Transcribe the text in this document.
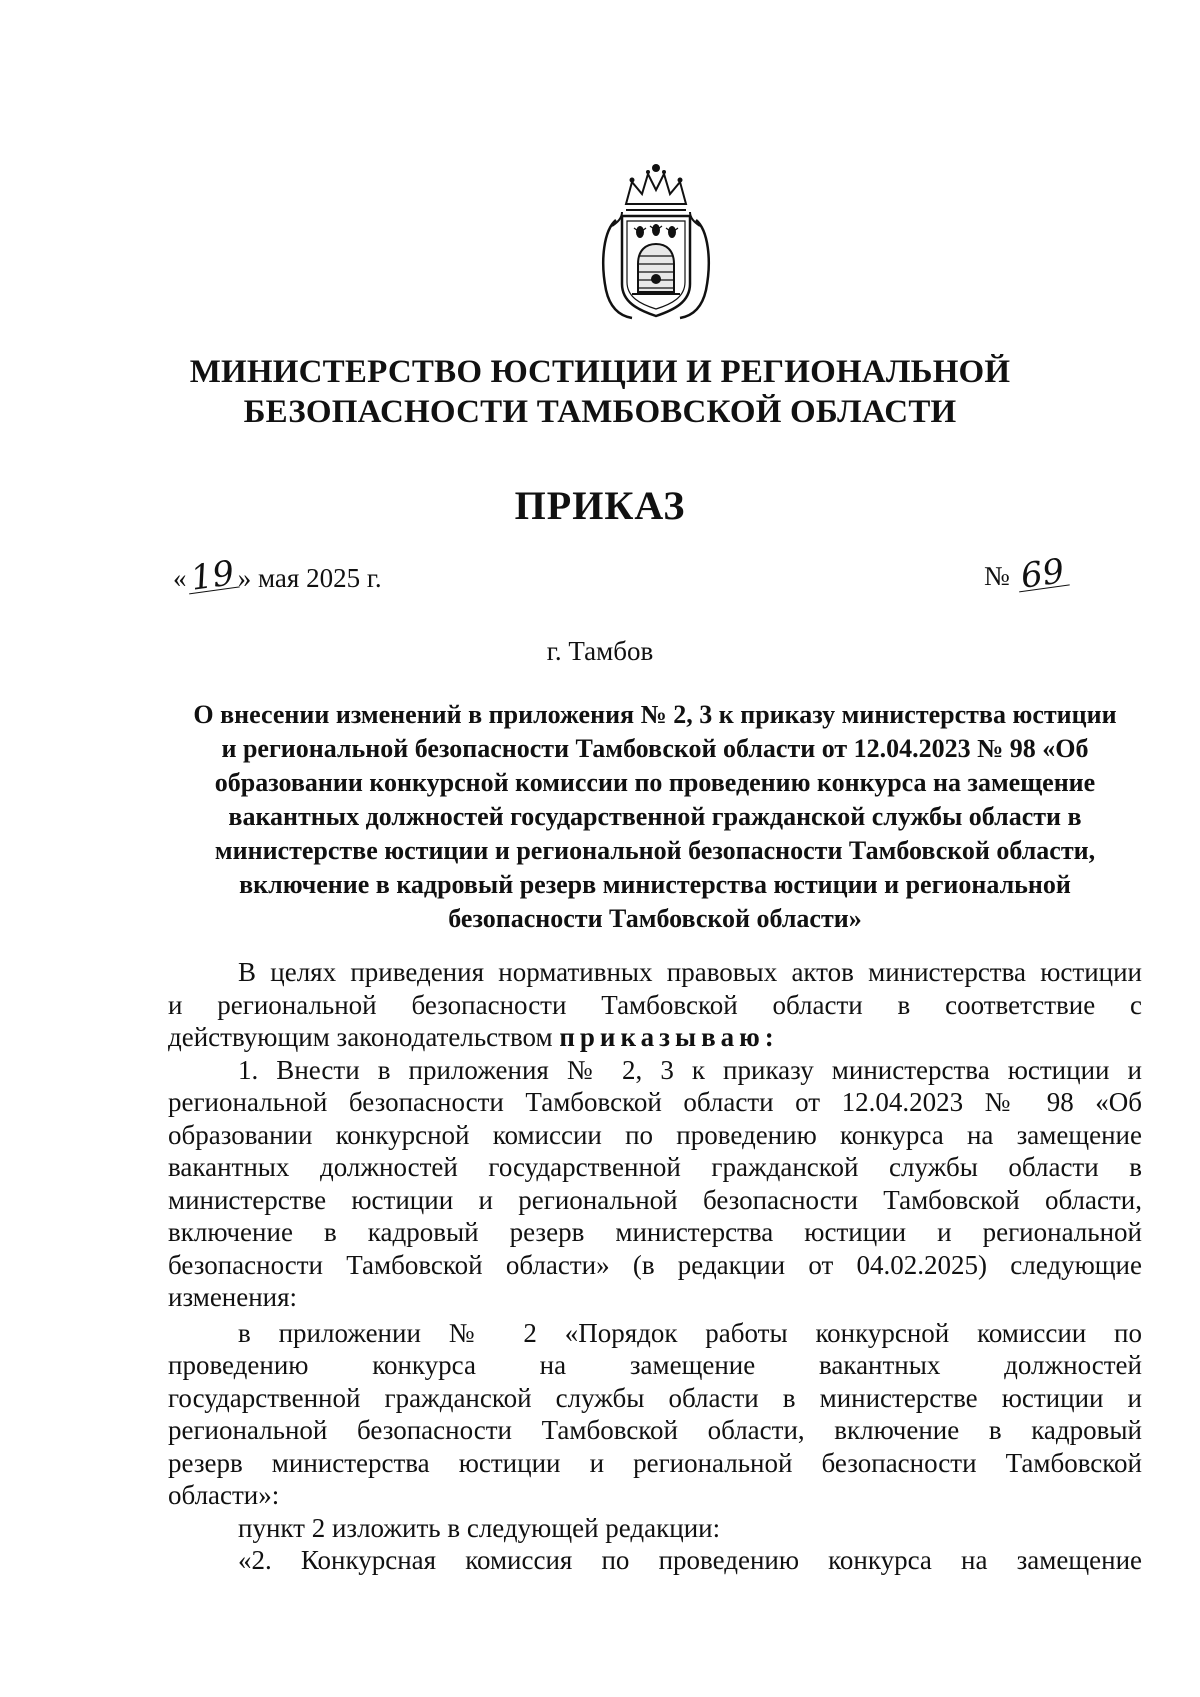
МИНИСТЕРСТВО ЮСТИЦИИ И РЕГИОНАЛЬНОЙ
БЕЗОПАСНОСТИ ТАМБОВСКОЙ ОБЛАСТИ
ПРИКАЗ
«19» мая 2025 г.	№ 69
г. Тамбов
О внесении изменений в приложения № 2, 3 к приказу министерства юстиции
и региональной безопасности Тамбовской области от 12.04.2023 № 98 «Об
образовании конкурсной комиссии по проведению конкурса на замещение
вакантных должностей государственной гражданской службы области в
министерстве юстиции и региональной безопасности Тамбовской области,
включение в кадровый резерв министерства юстиции и региональной
безопасности Тамбовской области»
В целях приведения нормативных правовых актов министерства юстиции
и региональной безопасности Тамбовской области в соответствие с
действующим законодательством приказываю:
1. Внести в приложения № 2, 3 к приказу министерства юстиции и
региональной безопасности Тамбовской области от 12.04.2023 № 98 «Об
образовании конкурсной комиссии по проведению конкурса на замещение
вакантных должностей государственной гражданской службы области в
министерстве юстиции и региональной безопасности Тамбовской области,
включение в кадровый резерв министерства юстиции и региональной
безопасности Тамбовской области» (в редакции от 04.02.2025) следующие
изменения:
в приложении № 2 «Порядок работы конкурсной комиссии по
проведению конкурса на замещение вакантных должностей
государственной гражданской службы области в министерстве юстиции и
региональной безопасности Тамбовской области, включение в кадровый
резерв министерства юстиции и региональной безопасности Тамбовской
области»:
пункт 2 изложить в следующей редакции:
«2. Конкурсная комиссия по проведению конкурса на замещение
